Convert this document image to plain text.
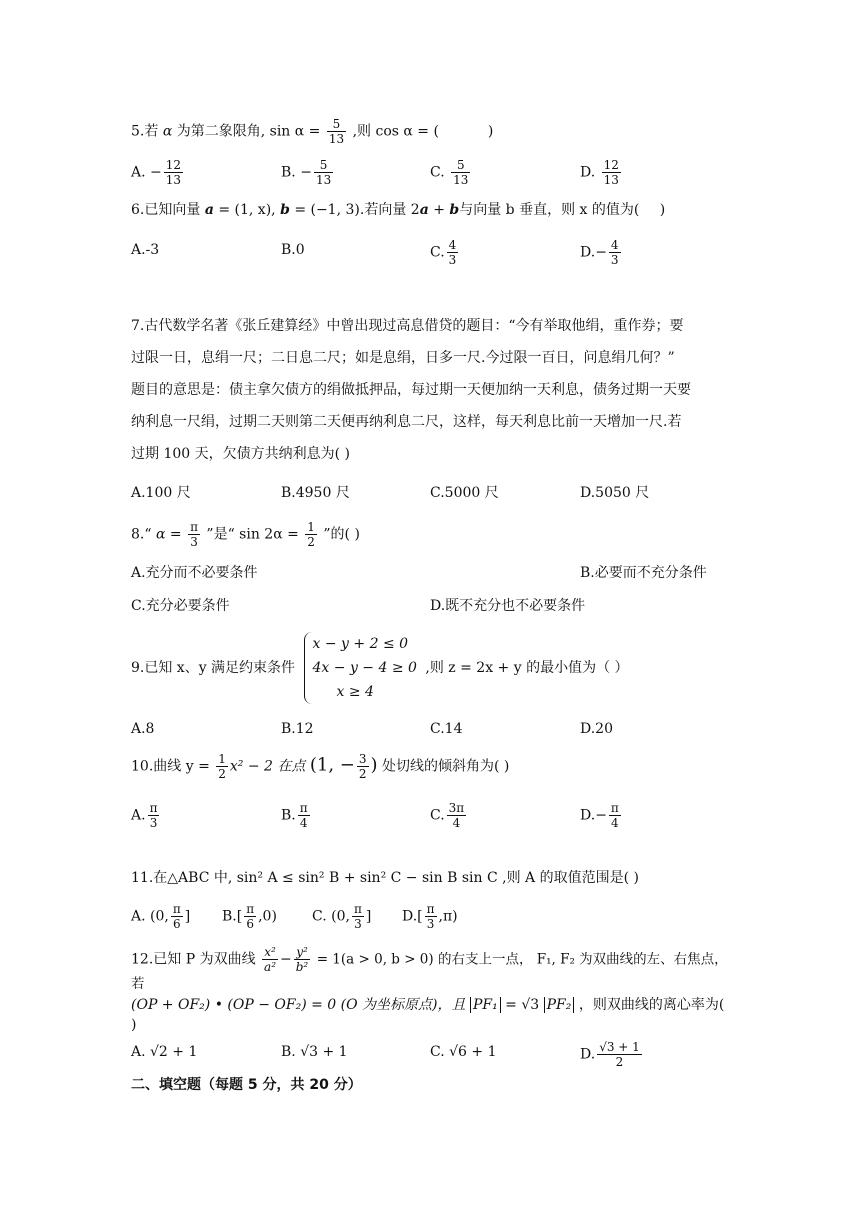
5.若 α 为第二象限角, $\sin \alpha = \frac{5}{13}$ ,则 cos α = (	)
A. − $\frac{12}{13}$	B. − $\frac{5}{13}$	C. $\frac{5}{13}$	D. $\frac{12}{13}$
6.已知向量 a = (1, x), b = (−1, 3).若向量 2a + b与向量 b 垂直，则 x 的值为( )
A.-3	B.0	C. $\frac{4}{3}$	$D.- \frac{4}{3}$
7.古代数学名著《张丘建算经》中曾出现过高息借贷的题目：“今有举取他绢，重作券；要
过限一日，息绢一尺；二日息二尺；如是息绢，日多一尺.今过限一百日，问息绢几何？”
题目的意思是：债主拿欠债方的绢做抵押品，每过期一天便加纳一天利息，债务过期一天要
纳利息一尺绢，过期二天则第二天便再纳利息二尺，这样，每天利息比前一天增加一尺.若
过期 100 天，欠债方共纳利息为( )
A.100 尺	B.4950 尺	C.5000 尺	D.5050 尺
8.“ $\alpha = \frac{\pi}{3}$ ”是“ $\sin 2\alpha = \frac{1}{2}$ ”的( )
A.充分而不必要条件	B.必要而不充分条件
C.充分必要条件	D.既不充分也不必要条件
9.已知 x、y 满足约束条件
x − y + 2 ≤ 0
4x − y − 4 ≥ 0
x ≥ 4
,则 z = 2x + y 的最小值为（ ）
A.8	B.12	C.14	D.20
10.曲线 $y = \frac{1}{2} x^2 - 2$ 在点 (1, − $\frac{3}{2}$ ) 处切线的倾斜角为( )
A. $\frac{\pi}{3}$	B. $\frac{\pi}{4}$	C. $\frac{3\pi}{4}$	$D.- \frac{\pi}{4}$
11.在△ABC 中, sin² A ≤ sin² B + sin² C − sin B sin C ,则 A 的取值范围是( )
A. (0, $\frac{\pi}{6}$ ] $B.[ \frac{\pi}{6} ,0)$	C. (0, $\frac{\pi}{3}$ ] $D.[ \frac{\pi}{3} ,\pi)$
12.已知 P 为双曲线 $\frac{\text{x²}}{\text{a²}} - \frac{\text{y²}}{\text{b²}} = 1(a > 0$, b > 0) 的右支上一点， F₁, F₂ 为双曲线的左、右焦点，若
(OP + OF₂) • (OP − OF₂) = 0 (O 为坐标原点)，且 PF₁ = √3 PF₂ ，则双曲线的离心率为( )
A. √2 + 1	B. √3 + 1	C. √6 + 1	D. $\frac{√3 + 1}{2}$
二、填空题（每题 5 分，共 20 分）
